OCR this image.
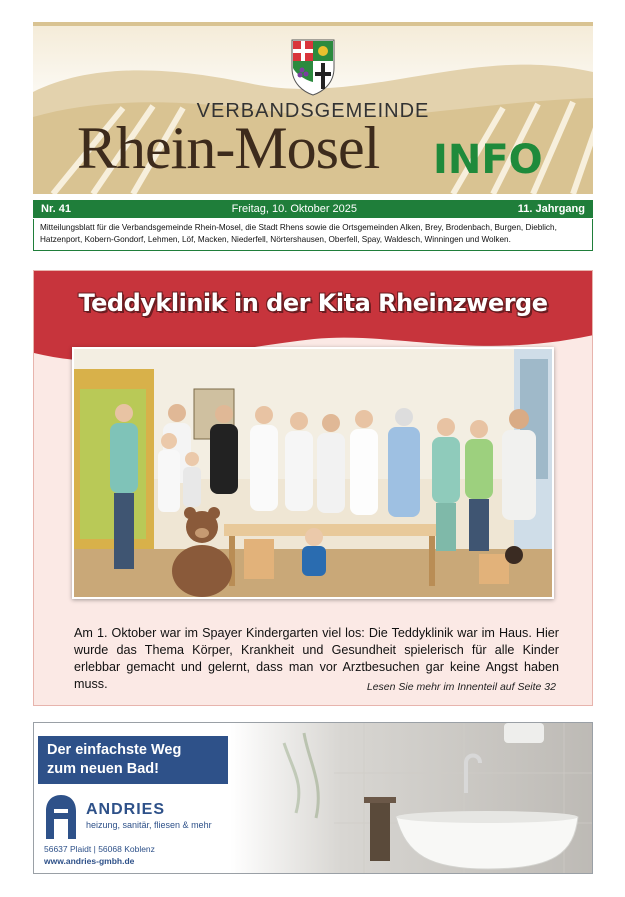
VERBANDSGEMEINDE
Rhein-Mosel INFO
Nr. 41	Freitag, 10. Oktober 2025	11. Jahrgang
Mitteilungsblatt für die Verbandsgemeinde Rhein-Mosel, die Stadt Rhens sowie die Ortsgemeinden Alken, Brey, Brodenbach, Burgen, Dieblich, Hatzenport, Kobern-Gondorf, Lehmen, Löf, Macken, Niederfell, Nörtershausen, Oberfell, Spay, Waldesch, Winningen und Wolken.
Teddyklinik in der Kita Rheinzwerge

Am 1. Oktober war im Spayer Kindergarten viel los: Die Teddyklinik war im Haus. Hier wurde das Thema Körper, Krankheit und Gesundheit spielerisch für alle Kinder erlebbar gemacht und gelernt, dass man vor Arztbesuchen gar keine Angst haben muss.	Lesen Sie mehr im Innenteil auf Seite 32
Der einfachste Weg
zum neuen Bad!
ANDRIES
heizung, sanitär, fliesen & mehr
56637 Plaidt | 56068 Koblenz
www.andries-gmbh.de
